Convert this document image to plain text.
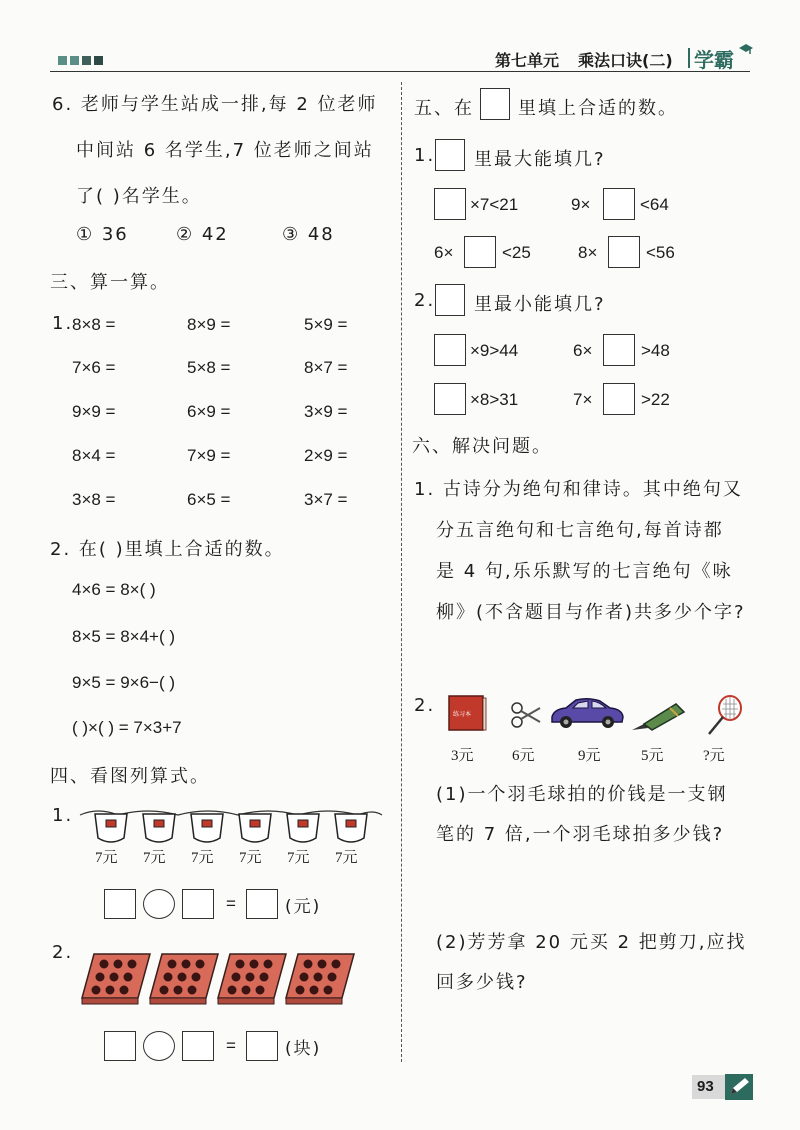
第七单元 乘法口诀(二) 学霸
6. 老师与学生站成一排,每 2 位老师
中间站 6 名学生,7 位老师之间站
了( )名学生。
① 36	② 42	③ 48
三、算一算。
1.
8×8 =	8×9 =	5×9 =
7×6 =	5×8 =	8×7 =
9×9 =	6×9 =	3×9 =
8×4 =	7×9 =	2×9 =
3×8 =	6×5 =	3×7 =
2. 在( )里填上合适的数。
4×6 = 8×( )
8×5 = 8×4+( )
9×5 = 9×6−( )
( )×( ) = 7×3+7
四、看图列算式。
1.
7元 7元 7元 7元 7元 7元
=	(元)
2.
=	(块)
五、在 里填上合适的数。
1. 里最大能填几?
×7<21	9×	<64
6×	<25	8×	<56
2. 里最小能填几?
×9>44	6×	>48
×8>31	7×	>22
六、解决问题。
1. 古诗分为绝句和律诗。其中绝句又
分五言绝句和七言绝句,每首诗都
是 4 句,乐乐默写的七言绝句《咏
柳》(不含题目与作者)共多少个字?
2.	练习本
3元	6元	9元	5元	?元
(1)一个羽毛球拍的价钱是一支钢
笔的 7 倍,一个羽毛球拍多少钱?
(2)芳芳拿 20 元买 2 把剪刀,应找
回多少钱?
93
